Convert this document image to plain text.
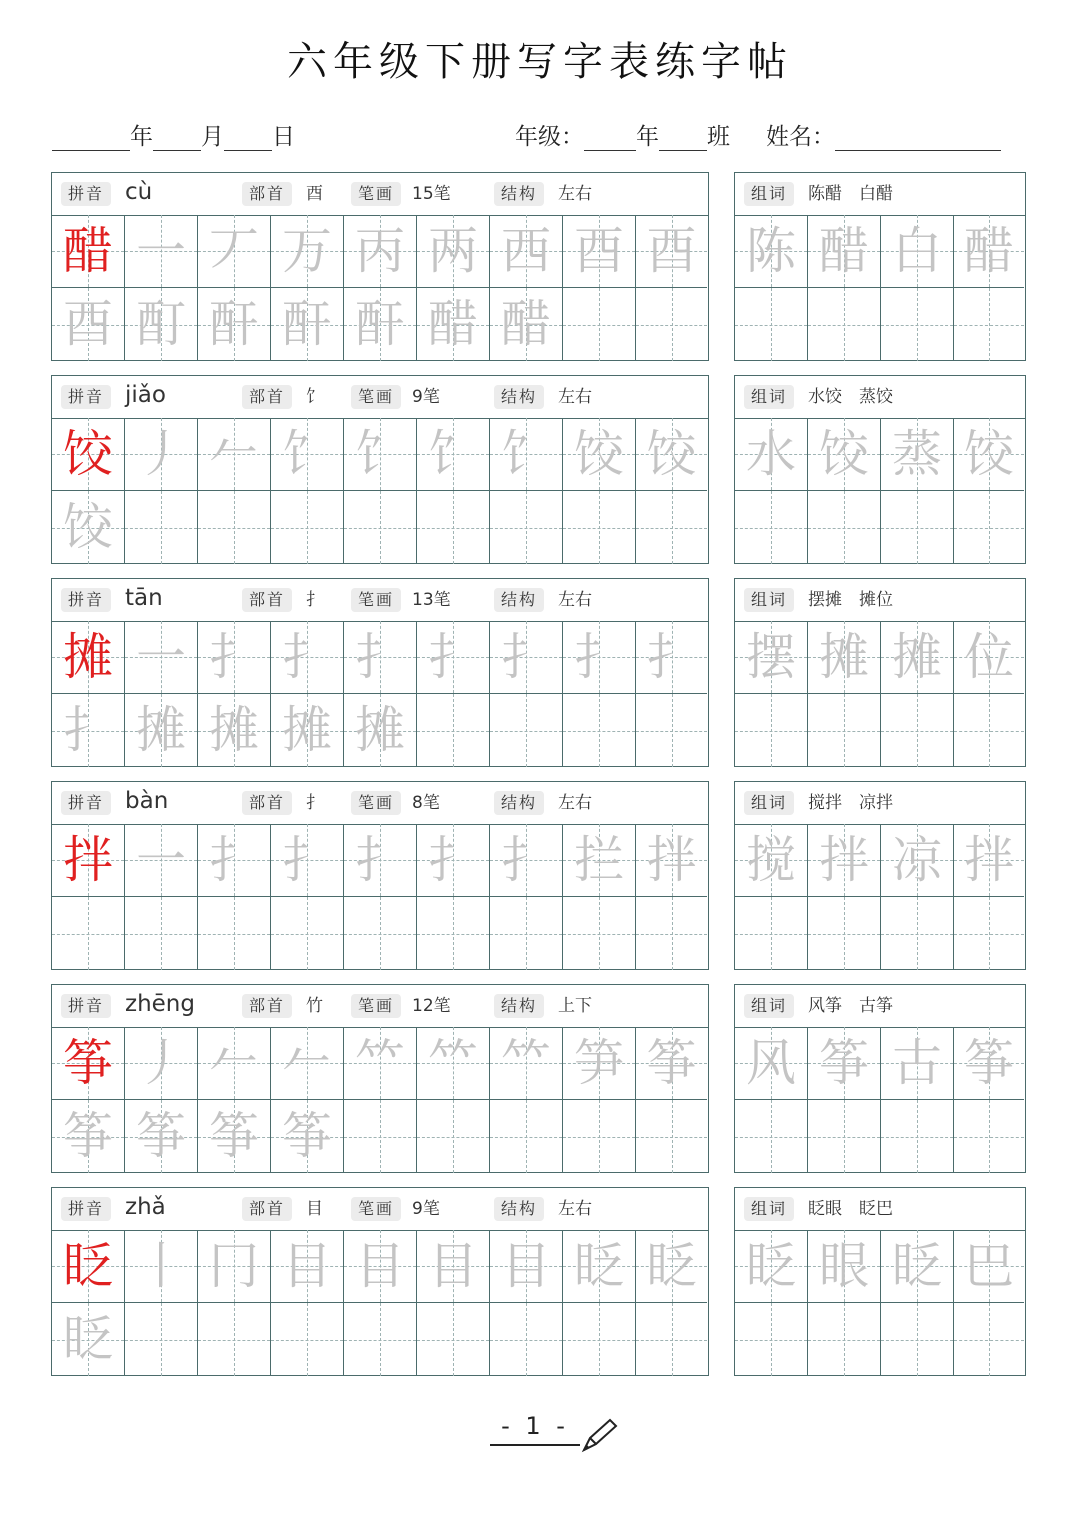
六年级下册写字表练字帖
年 月 日	年级： 年 班 姓名：
拼音 cù	部首	酉	笔画	15笔	结构	左右
醋 一 丆 万 丙 两 西 酉 酉
酉 酊 酐 酐 酐 醋 醋
组词	陈醋　白醋
陈 醋 白 醋
拼音 jiǎo	部首	饣	笔画	9笔	结构	左右
饺 丿 𠂉 饣 饣 饣 饣 饺 饺
饺
组词	水饺　蒸饺
水 饺 蒸 饺
拼音 tān	部首	扌	笔画	13笔	结构	左右
摊 一 扌 扌 扌 扌 扌 扌 扌
扌 摊 摊 摊 摊
组词	摆摊　摊位
摆 摊 摊 位
拼音 bàn	部首	扌	笔画	8笔	结构	左右
拌 一 扌 扌 扌 扌 扌 拦 拌
组词	搅拌　凉拌
搅 拌 凉 拌
拼音 zhēng	部首	竹	笔画	12笔	结构	上下
筝 丿 𠂉 𠂉 𥫗 𥫗 𥫗 笋 筝
筝 筝 筝 筝
组词	风筝　古筝
风 筝 古 筝
拼音 zhǎ	部首	目	笔画	9笔	结构	左右
眨 丨 冂 目 目 目 目 眨 眨
眨
组词	眨眼　眨巴
眨 眼 眨 巴
- 1 -
